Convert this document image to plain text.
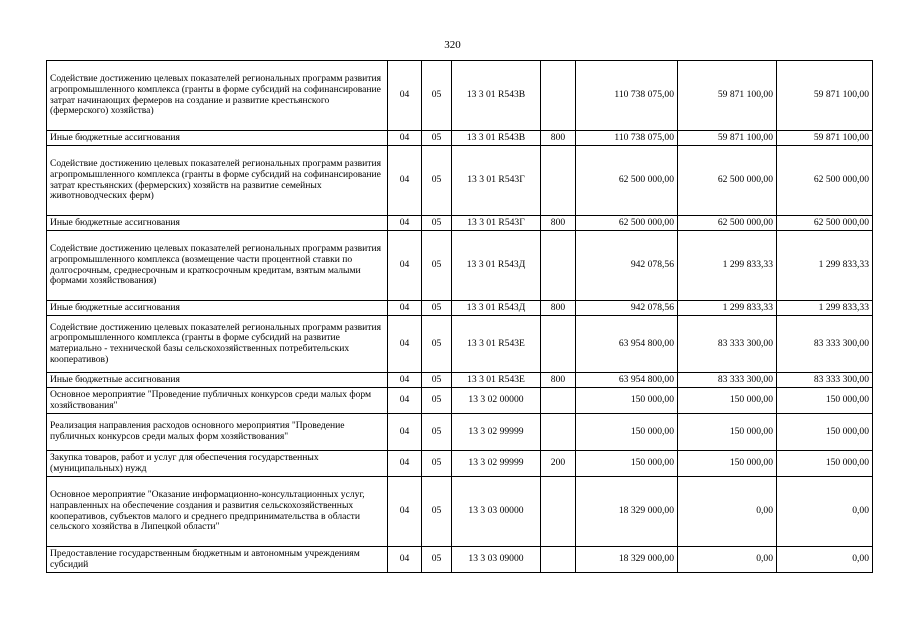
320
Содействие достижению целевых показателей региональных программ развития агропромышленного комплекса (гранты в форме субсидий на софинансирование затрат начинающих фермеров на создание и развитие крестьянского (фермерского) хозяйства)	04	05	13 3 01 R543В		110 738 075,00	59 871 100,00	59 871 100,00
Иные бюджетные ассигнования	04	05	13 3 01 R543В	800	110 738 075,00	59 871 100,00	59 871 100,00
Содействие достижению целевых показателей региональных программ развития агропромышленного комплекса (гранты в форме субсидий на софинансирование затрат крестьянских (фермерских) хозяйств на развитие семейных животноводческих ферм)	04	05	13 3 01 R543Г		62 500 000,00	62 500 000,00	62 500 000,00
Иные бюджетные ассигнования	04	05	13 3 01 R543Г	800	62 500 000,00	62 500 000,00	62 500 000,00
Содействие достижению целевых показателей региональных программ развития агропромышленного комплекса (возмещение части процентной ставки по долгосрочным, среднесрочным и краткосрочным кредитам, взятым малыми формами хозяйствования)	04	05	13 3 01 R543Д		942 078,56	1 299 833,33	1 299 833,33
Иные бюджетные ассигнования	04	05	13 3 01 R543Д	800	942 078,56	1 299 833,33	1 299 833,33
Содействие достижению целевых показателей региональных программ развития агропромышленного комплекса (гранты в форме субсидий на развитие материально - технической базы сельскохозяйственных потребительских кооперативов)	04	05	13 3 01 R543Е		63 954 800,00	83 333 300,00	83 333 300,00
Иные бюджетные ассигнования	04	05	13 3 01 R543Е	800	63 954 800,00	83 333 300,00	83 333 300,00
Основное мероприятие "Проведение публичных конкурсов среди малых форм хозяйствования"	04	05	13 3 02 00000		150 000,00	150 000,00	150 000,00
Реализация направления расходов основного мероприятия "Проведение публичных конкурсов среди малых форм хозяйствования"	04	05	13 3 02 99999		150 000,00	150 000,00	150 000,00
Закупка товаров, работ и услуг для обеспечения государственных (муниципальных) нужд	04	05	13 3 02 99999	200	150 000,00	150 000,00	150 000,00
Основное мероприятие "Оказание информационно-консультационных услуг, направленных на обеспечение создания и развития сельскохозяйственных кооперативов, субъектов малого и среднего предпринимательства в области сельского хозяйства в Липецкой области"	04	05	13 3 03 00000		18 329 000,00	0,00	0,00
Предоставление государственным бюджетным и автономным учреждениям субсидий	04	05	13 3 03 09000		18 329 000,00	0,00	0,00
